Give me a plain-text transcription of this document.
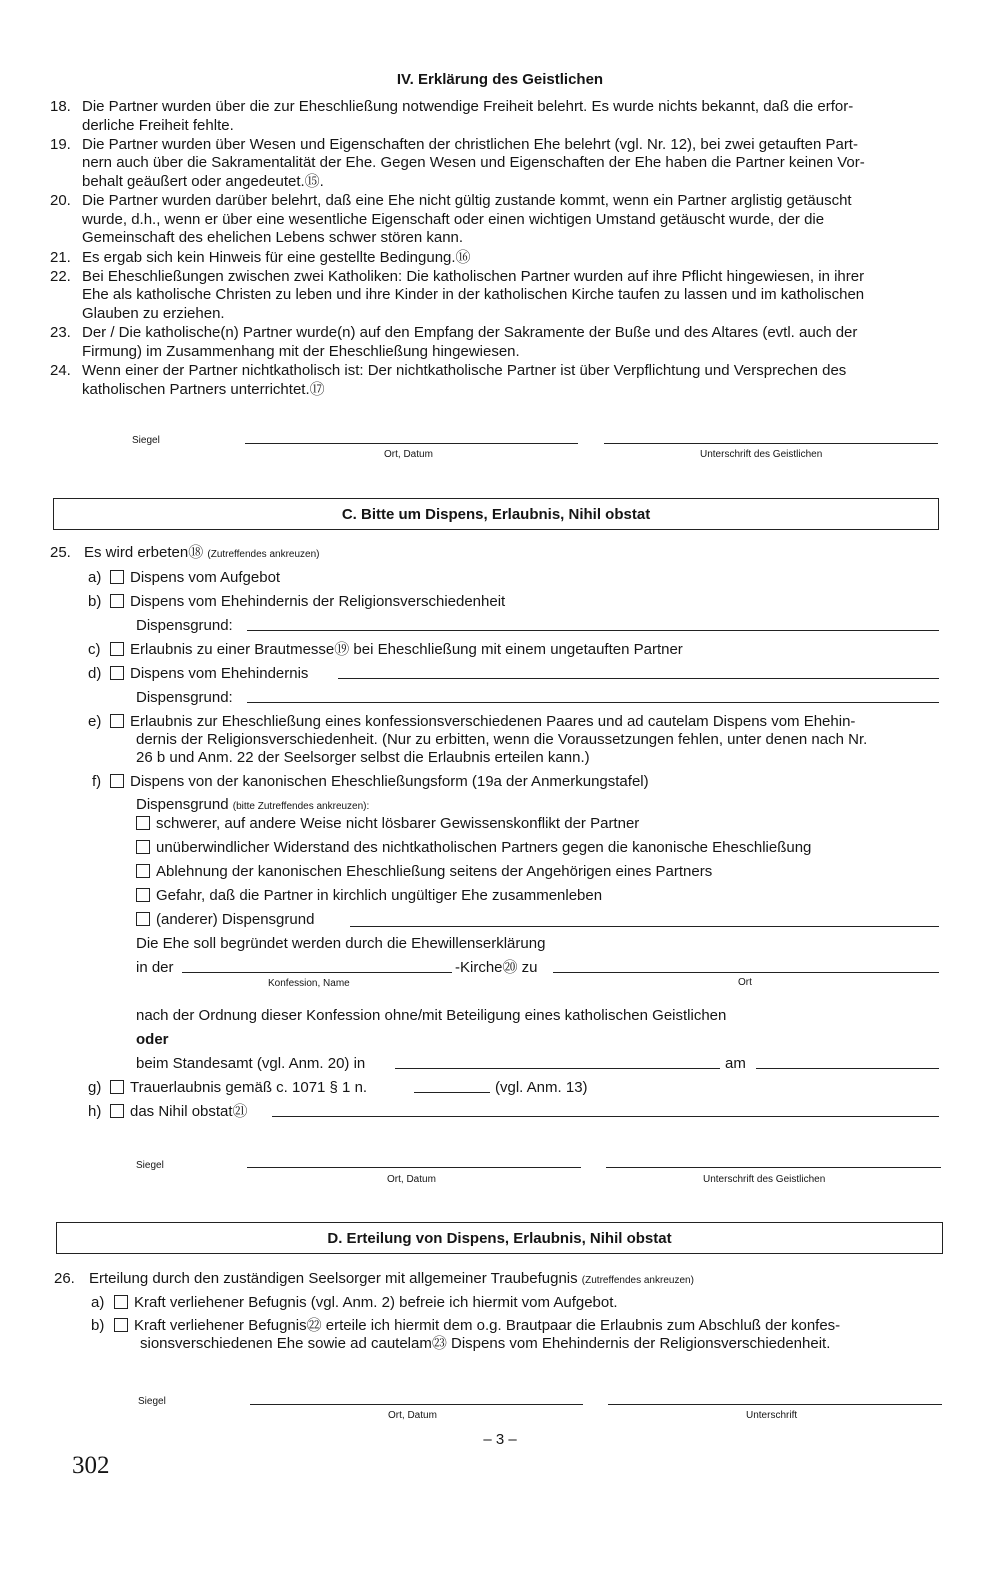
IV. Erklärung des Geistlichen
18. Die Partner wurden über die zur Eheschließung notwendige Freiheit belehrt. Es wurde nichts bekannt, daß die erfor-
derliche Freiheit fehlte.
19. Die Partner wurden über Wesen und Eigenschaften der christlichen Ehe belehrt (vgl. Nr. 12), bei zwei getauften Part-
nern auch über die Sakramentalität der Ehe. Gegen Wesen und Eigenschaften der Ehe haben die Partner keinen Vor-
behalt geäußert oder angedeutet.⑮.
20. Die Partner wurden darüber belehrt, daß eine Ehe nicht gültig zustande kommt, wenn ein Partner arglistig getäuscht
wurde, d.h., wenn er über eine wesentliche Eigenschaft oder einen wichtigen Umstand getäuscht wurde, der die
Gemeinschaft des ehelichen Lebens schwer stören kann.
21. Es ergab sich kein Hinweis für eine gestellte Bedingung.⑯
22. Bei Eheschließungen zwischen zwei Katholiken: Die katholischen Partner wurden auf ihre Pflicht hingewiesen, in ihrer
Ehe als katholische Christen zu leben und ihre Kinder in der katholischen Kirche taufen zu lassen und im katholischen
Glauben zu erziehen.
23. Der / Die katholische(n) Partner wurde(n) auf den Empfang der Sakramente der Buße und des Altares (evtl. auch der
Firmung) im Zusammenhang mit der Eheschließung hingewiesen.
24. Wenn einer der Partner nichtkatholisch ist: Der nichtkatholische Partner ist über Verpflichtung und Versprechen des
katholischen Partners unterrichtet.⑰
Siegel
Ort, Datum	Unterschrift des Geistlichen
C. Bitte um Dispens, Erlaubnis, Nihil obstat
25. Es wird erbeten⑱ (Zutreffendes ankreuzen)
a)	Dispens vom Aufgebot
b)	Dispens vom Ehehindernis der Religionsverschiedenheit
Dispensgrund:
c)	Erlaubnis zu einer Brautmesse⑲ bei Eheschließung mit einem ungetauften Partner
d)	Dispens vom Ehehindernis
Dispensgrund:
e)	Erlaubnis zur Eheschließung eines konfessionsverschiedenen Paares und ad cautelam Dispens vom Ehehin-
dernis der Religionsverschiedenheit. (Nur zu erbitten, wenn die Voraussetzungen fehlen, unter denen nach Nr.
26 b und Anm. 22 der Seelsorger selbst die Erlaubnis erteilen kann.)
f)	Dispens von der kanonischen Eheschließungsform (19a der Anmerkungstafel)
Dispensgrund (bitte Zutreffendes ankreuzen):
schwerer, auf andere Weise nicht lösbarer Gewissenskonflikt der Partner
unüberwindlicher Widerstand des nichtkatholischen Partners gegen die kanonische Eheschließung
Ablehnung der kanonischen Eheschließung seitens der Angehörigen eines Partners
Gefahr, daß die Partner in kirchlich ungültiger Ehe zusammenleben
(anderer) Dispensgrund
Die Ehe soll begründet werden durch die Ehewillenserklärung
in der	-Kirche⑳ zu
Konfession, Name	Ort
nach der Ordnung dieser Konfession ohne/mit Beteiligung eines katholischen Geistlichen
oder
beim Standesamt (vgl. Anm. 20) in	am
g)	Trauerlaubnis gemäß c. 1071 § 1 n.	(vgl. Anm. 13)
h)	das Nihil obstat㉑
Siegel
Ort, Datum	Unterschrift des Geistlichen
D. Erteilung von Dispens, Erlaubnis, Nihil obstat
26. Erteilung durch den zuständigen Seelsorger mit allgemeiner Traubefugnis (Zutreffendes ankreuzen)
a)	Kraft verliehener Befugnis (vgl. Anm. 2) befreie ich hiermit vom Aufgebot.
b)	Kraft verliehener Befugnis㉒ erteile ich hiermit dem o.g. Brautpaar die Erlaubnis zum Abschluß der konfes-
sionsverschiedenen Ehe sowie ad cautelam㉓ Dispens vom Ehehindernis der Religionsverschiedenheit.
Siegel
Ort, Datum	Unterschrift
– 3 –
302
